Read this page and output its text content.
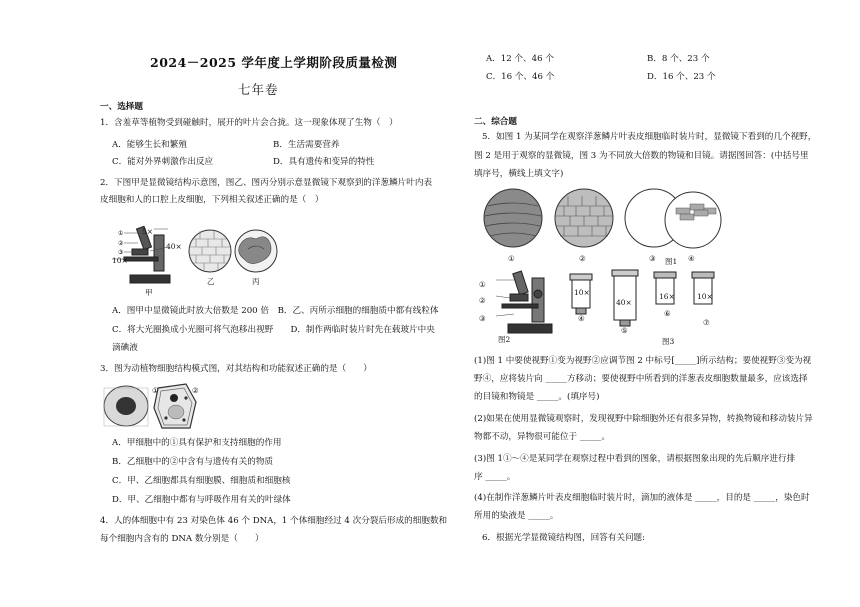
2024－2025 学年度上学期阶段质量检测
七年卷
一、选择题
1．含羞草等植物受到碰触时，展开的叶片会合拢。这一现象体现了生物（　）
A．能够生长和繁殖	B．生活需要营养
C．能对外界刺激作出反应	D．具有遗传和变异的特性
2．下图甲是显微镜结构示意图，图乙、图丙分别示意显微镜下观察到的洋葱鳞片叶内表
皮细胞和人的口腔上皮细胞，下列相关叙述正确的是（　）
①
②
③
5×
40×
10×
甲
乙	丙
A．图甲中显微镜此时放大倍数是 200 倍　B．乙、丙所示细胞的细胞质中都有线粒体
C．将大光圈换成小光圈可将气泡移出视野　　D．制作两临时装片时先在载玻片中央
滴碘液
3．图为动植物细胞结构模式图，对其结构和功能叙述正确的是（　　）
①	②
A．甲细胞中的①具有保护和支持细胞的作用
B．乙细胞中的②中含有与遗传有关的物质
C．甲、乙细胞都具有细胞膜、细胞质和细胞核
D．甲、乙细胞中都有与呼吸作用有关的叶绿体
4．人的体细胞中有 23 对染色体 46 个 DNA，1 个体细胞经过 4 次分裂后形成的细胞数和
每个细胞内含有的 DNA 数分别是（　　）
A．12 个、46 个	B．8 个、23 个
C．16 个、46 个	D．16 个、23 个
二、综合题
5．如图 1 为某同学在观察洋葱鳞片叶表皮细胞临时装片时，显微镜下看到的几个视野，
图 2 是用于观察的显微镜，图 3 为不同放大倍数的物镜和目镜。请据图回答：(中括号里
填序号，横线上填文字)
①	②	③	④
图1
①
②
③
图2
10×
40×
16×	10×
④
⑤
⑥
⑦
图3
(1)图 1 中要使视野①变为视野②应调节图 2 中标号[_____]所示结构；要使视野③变为视
野④，应将装片向 _____方移动；要使视野中所看到的洋葱表皮细胞数量最多，应该选择
的目镜和物镜是 _____。(填序号)
(2)如果在使用显微镜观察时，发现视野中除细胞外还有很多异物，转换物镜和移动装片异
物都不动，异物很可能位于 _____。
(3)图 1①～④是某同学在观察过程中看到的图象，请根据图象出现的先后顺序进行排
序 _____。
(4)在制作洋葱鳞片叶表皮细胞临时装片时，滴加的液体是 _____，目的是 _____，染色时
所用的染液是 _____。
6．根据光学显微镜结构图，回答有关问题:
